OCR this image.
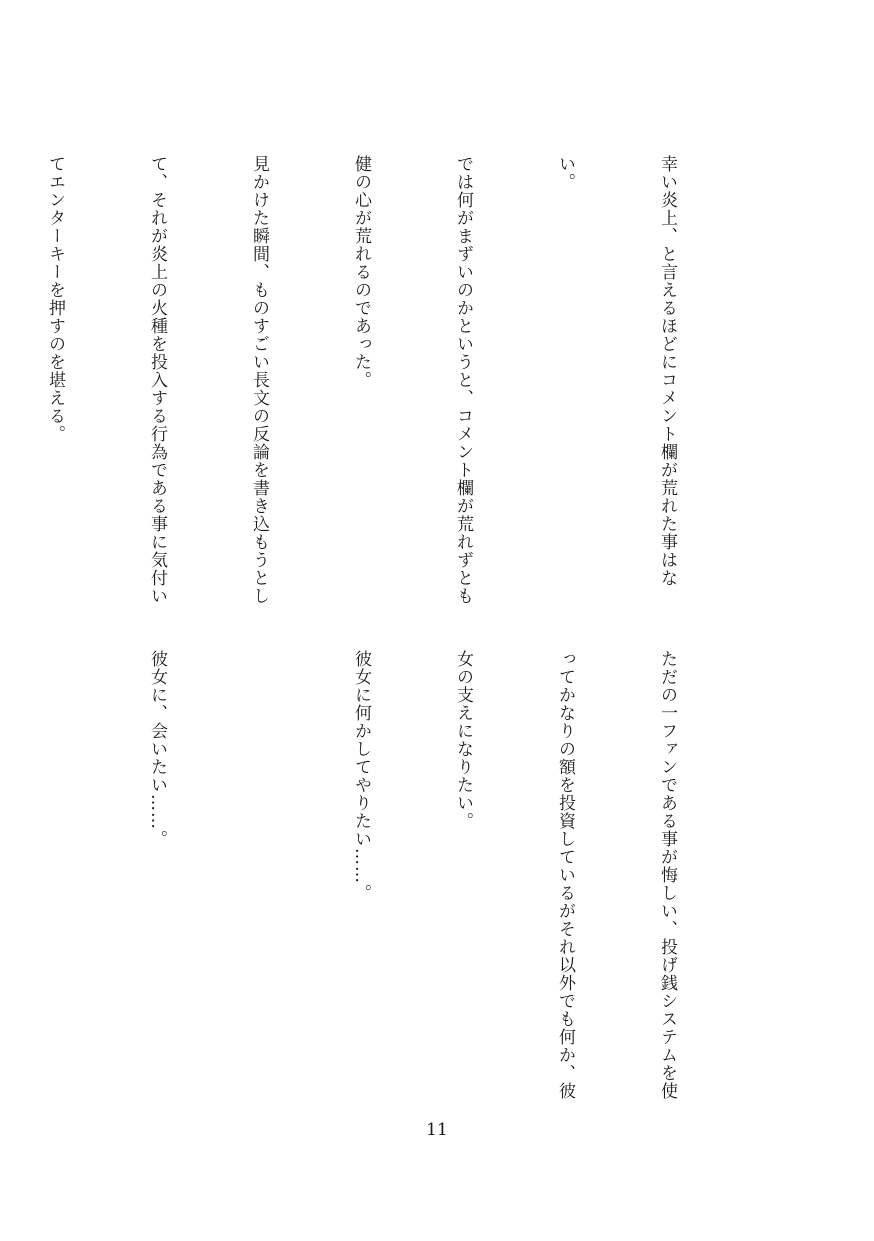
幸い炎上、と言えるほどにコメント欄が荒れた事はな

い。

では何がまずいのかというと、コメント欄が荒れずとも

健の心が荒れるのであった。

見かけた瞬間、ものすごい長文の反論を書き込もうとし

て、それが炎上の火種を投入する行為である事に気付い

てエンターキーを押すのを堪える。

ただの一ファンである事が悔しい、投げ銭システムを使

ってかなりの額を投資しているがそれ以外でも何か、彼

女の支えになりたい。

彼女に何かしてやりたい……。

彼女に、会いたい……。

11
